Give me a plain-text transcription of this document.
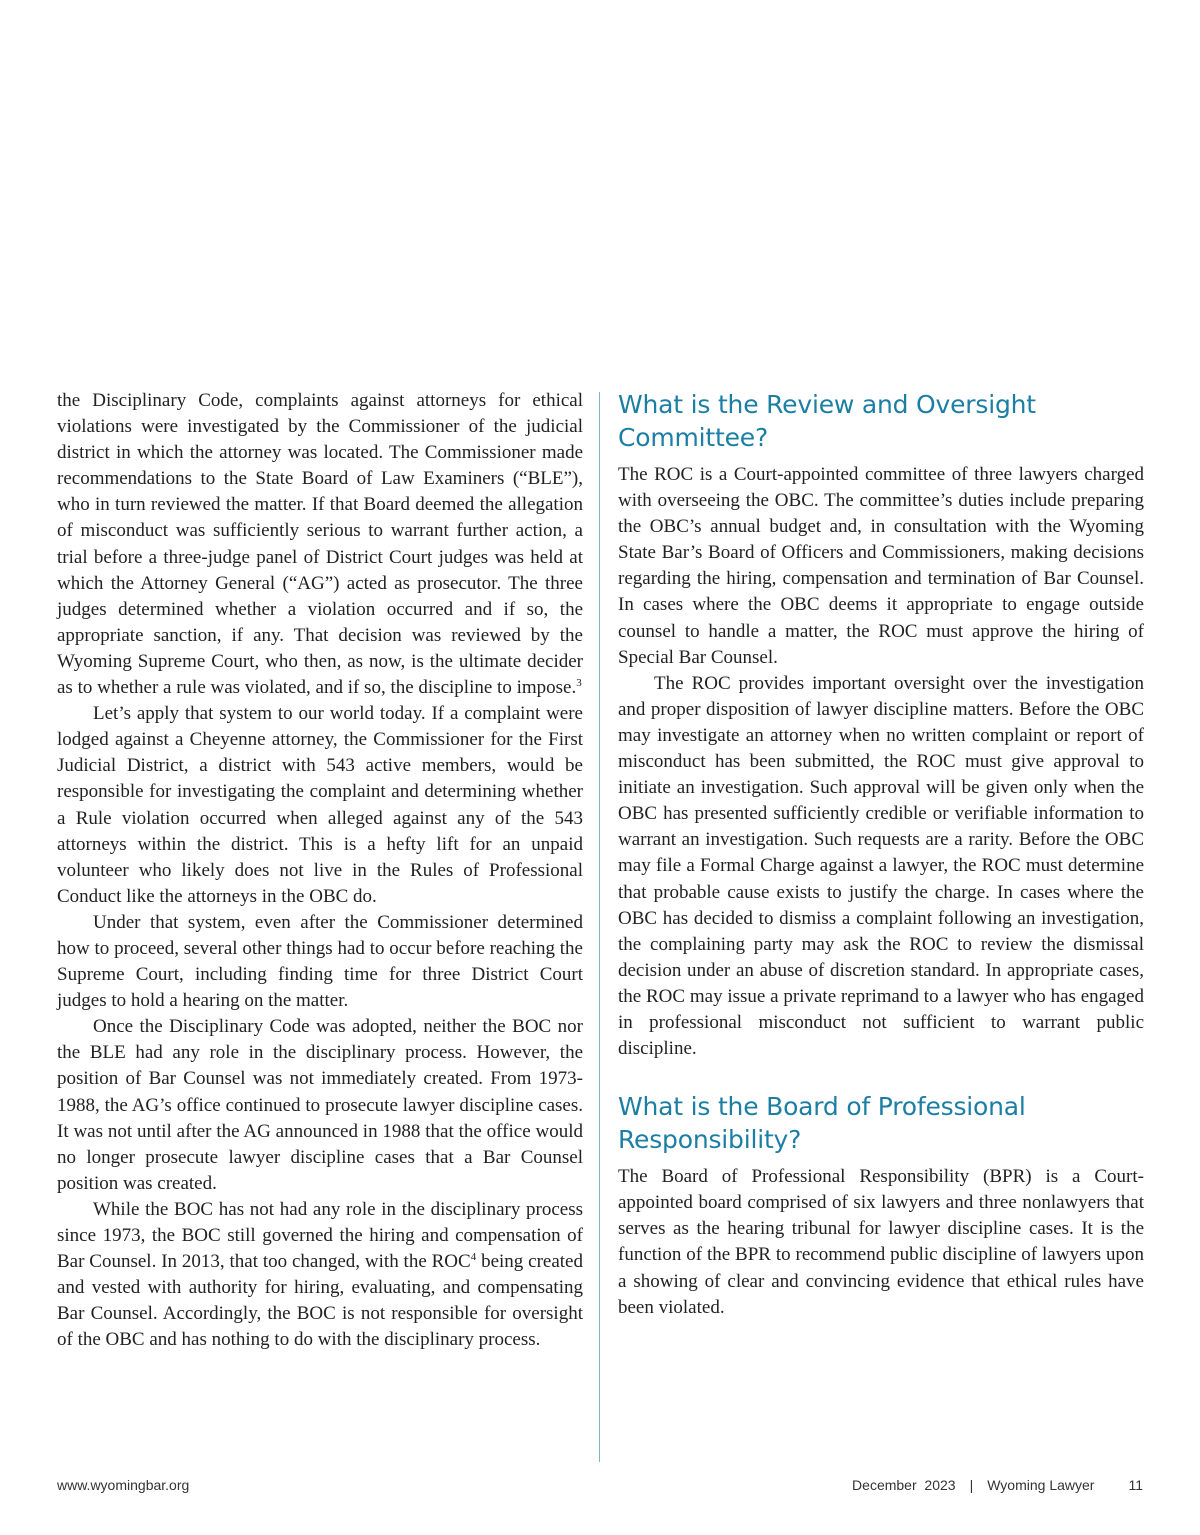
the Disciplinary Code, complaints against attorneys for ethical violations were investigated by the Commissioner of the judicial district in which the attorney was located. The Commissioner made recommendations to the State Board of Law Examiners (“BLE”), who in turn reviewed the matter. If that Board deemed the allegation of misconduct was sufficiently serious to warrant further action, a trial before a three-judge panel of District Court judges was held at which the Attorney General (“AG”) acted as prosecutor. The three judges determined whether a violation occurred and if so, the appropriate sanction, if any. That decision was reviewed by the Wyoming Supreme Court, who then, as now, is the ultimate decider as to whether a rule was violated, and if so, the discipline to impose.$^3$

Let’s apply that system to our world today. If a complaint were lodged against a Cheyenne attorney, the Commissioner for the First Judicial District, a district with 543 active members, would be responsible for investigating the complaint and determining whether a Rule violation occurred when alleged against any of the 543 attorneys within the district. This is a hefty lift for an unpaid volunteer who likely does not live in the Rules of Professional Conduct like the attorneys in the OBC do.

Under that system, even after the Commissioner determined how to proceed, several other things had to occur before reaching the Supreme Court, including finding time for three District Court judges to hold a hearing on the matter.

Once the Disciplinary Code was adopted, neither the BOC nor the BLE had any role in the disciplinary process. However, the position of Bar Counsel was not immediately created. From 1973-1988, the AG’s office continued to prosecute lawyer discipline cases. It was not until after the AG announced in 1988 that the office would no longer prosecute lawyer discipline cases that a Bar Counsel position was created.

While the BOC has not had any role in the disciplinary process since 1973, the BOC still governed the hiring and compensation of Bar Counsel. In 2013, that too changed, with the ROC$^4$ being created and vested with authority for hiring, evaluating, and compensating Bar Counsel. Accordingly, the BOC is not responsible for oversight of the OBC and has nothing to do with the disciplinary process.

What is the Review and Oversight Committee?

The ROC is a Court-appointed committee of three lawyers charged with overseeing the OBC. The committee’s duties include preparing the OBC’s annual budget and, in consultation with the Wyoming State Bar’s Board of Officers and Commissioners, making decisions regarding the hiring, compensation and termination of Bar Counsel. In cases where the OBC deems it appropriate to engage outside counsel to handle a matter, the ROC must approve the hiring of Special Bar Counsel.

The ROC provides important oversight over the investigation and proper disposition of lawyer discipline matters. Before the OBC may investigate an attorney when no written complaint or report of misconduct has been submitted, the ROC must give approval to initiate an investigation. Such approval will be given only when the OBC has presented sufficiently credible or verifiable information to warrant an investigation. Such requests are a rarity. Before the OBC may file a Formal Charge against a lawyer, the ROC must determine that probable cause exists to justify the charge. In cases where the OBC has decided to dismiss a complaint following an investigation, the complaining party may ask the ROC to review the dismissal decision under an abuse of discretion standard. In appropriate cases, the ROC may issue a private reprimand to a lawyer who has engaged in professional misconduct not sufficient to warrant public discipline.

What is the Board of Professional Responsibility?

The Board of Professional Responsibility (BPR) is a Court-appointed board comprised of six lawyers and three nonlawyers that serves as the hearing tribunal for lawyer discipline cases. It is the function of the BPR to recommend public discipline of lawyers upon a showing of clear and convincing evidence that ethical rules have been violated.

www.wyomingbar.org	December  2023 | Wyoming Lawyer 11
